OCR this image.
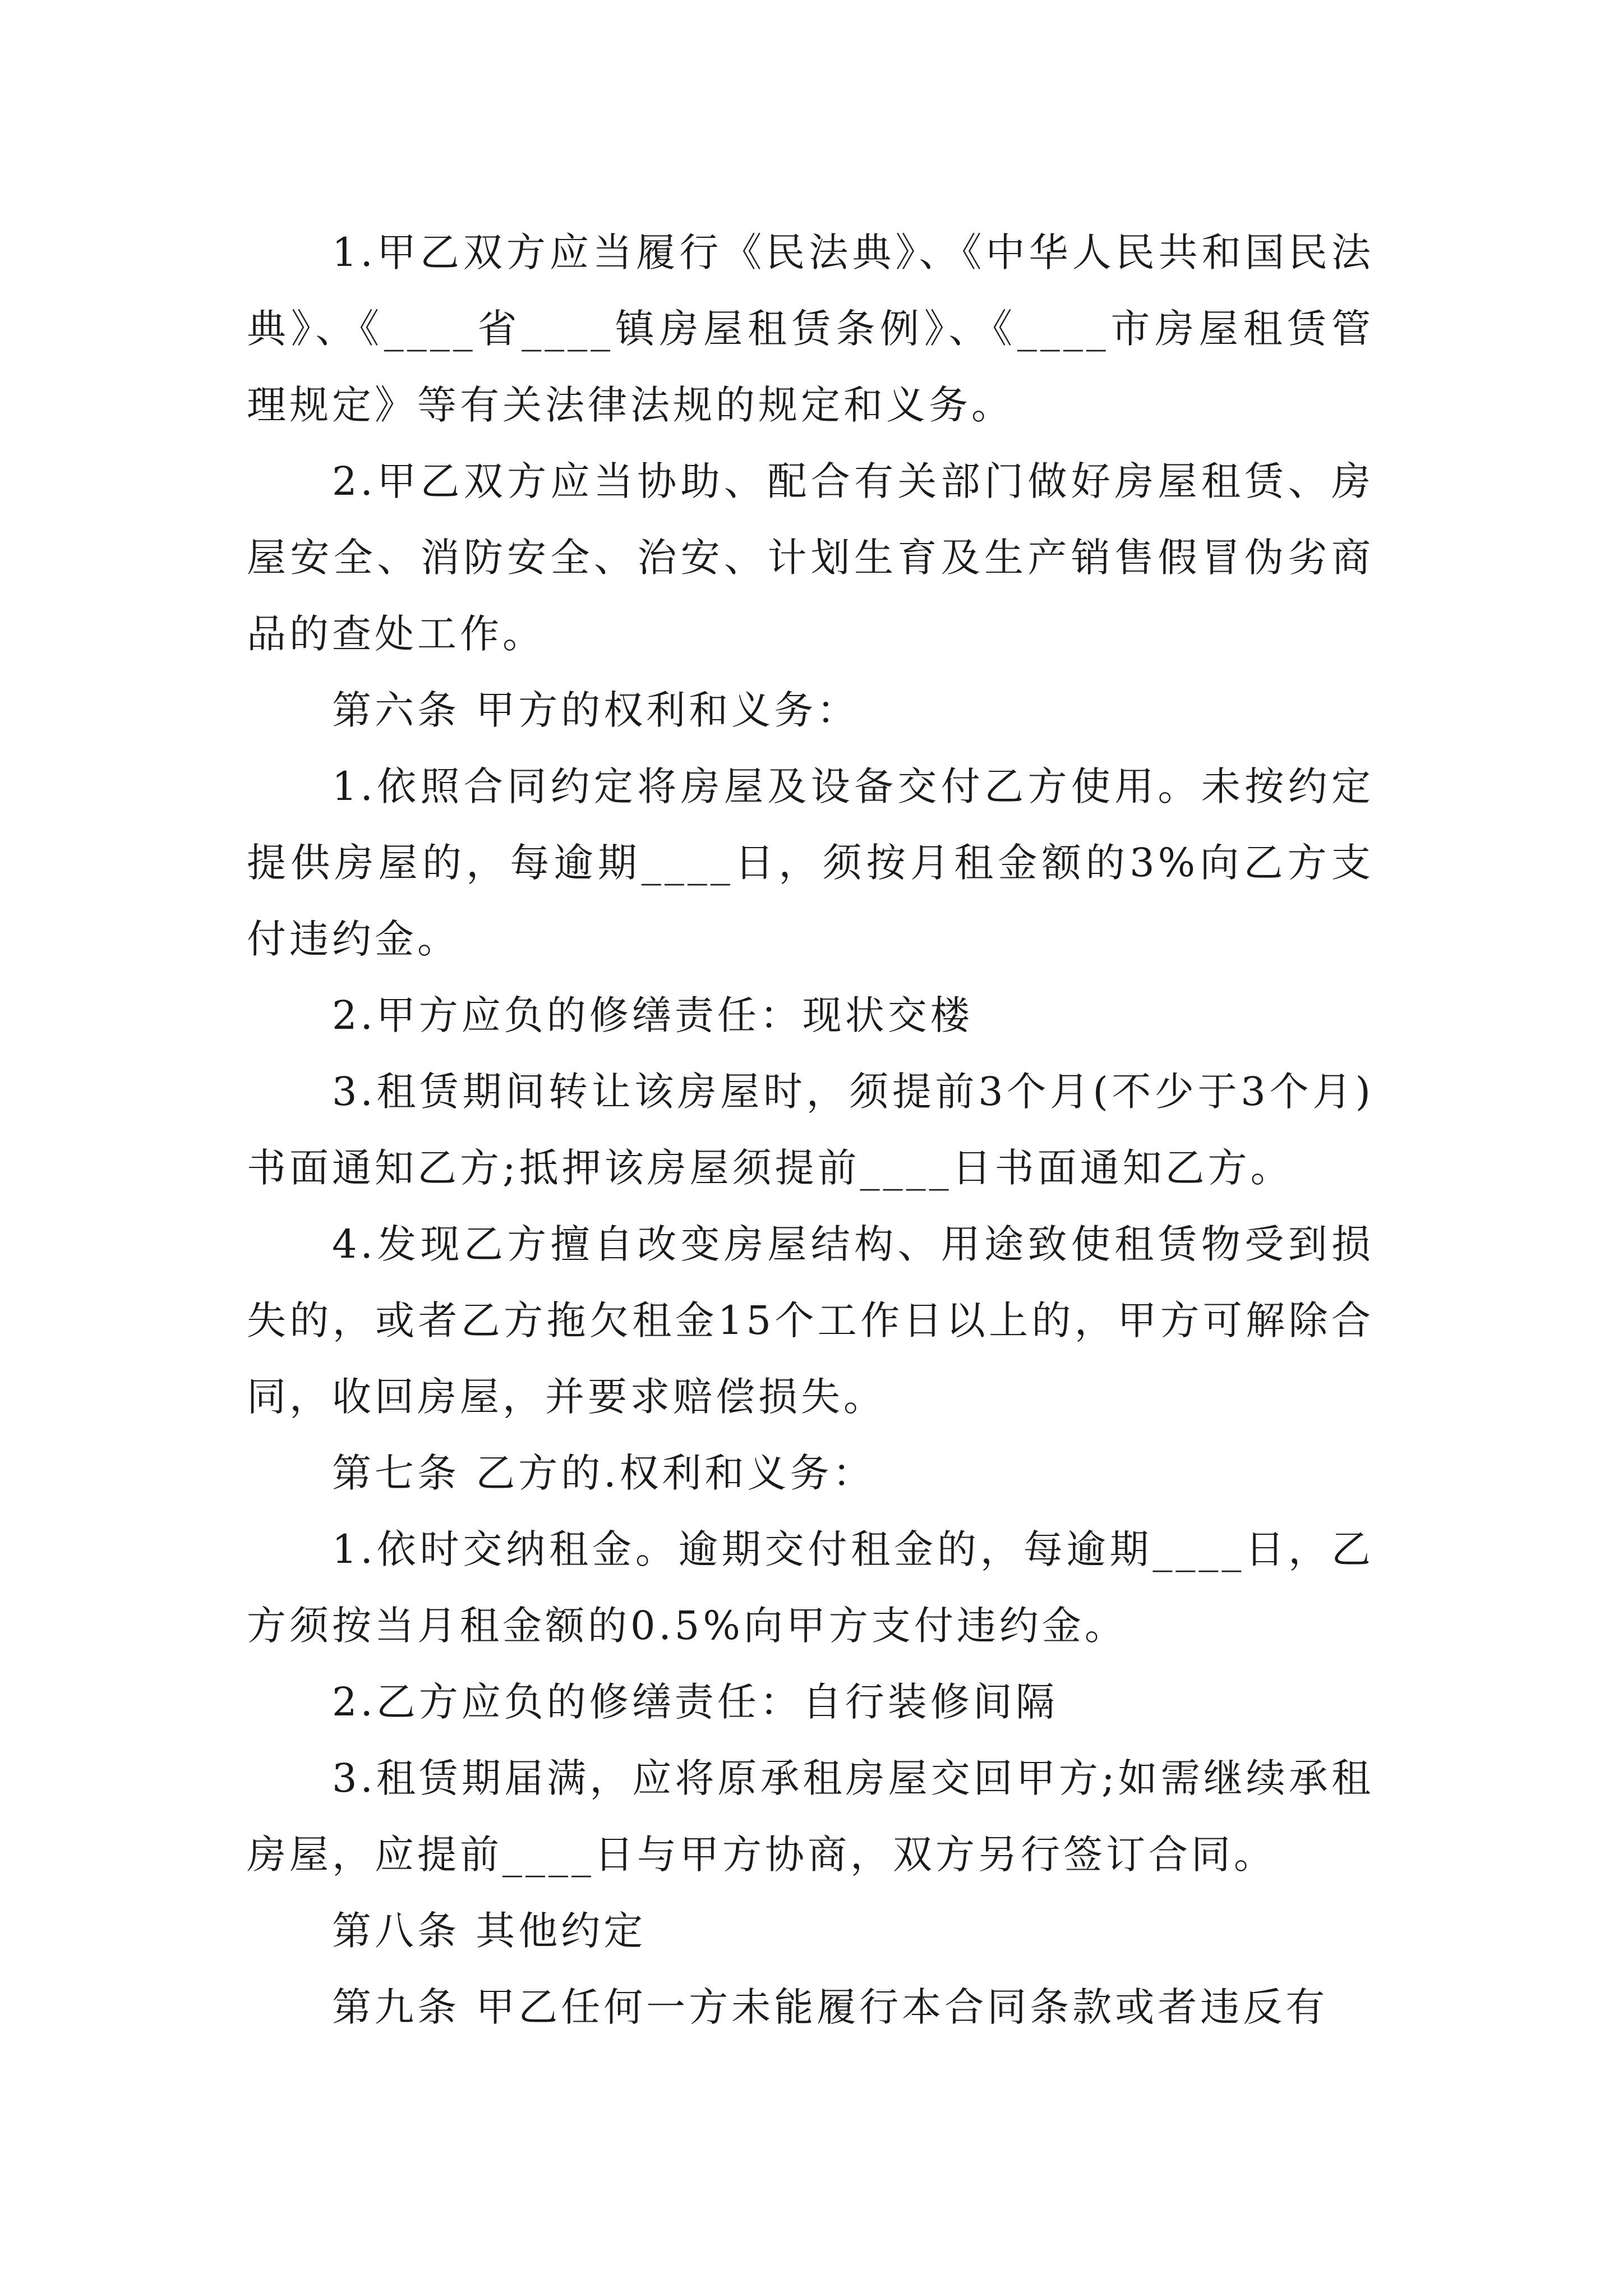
1.甲乙双方应当履行《民法典》、《中华人民共和国民法典》、《____省____镇房屋租赁条例》、《____市房屋租赁管理规定》等有关法律法规的规定和义务。

2.甲乙双方应当协助、配合有关部门做好房屋租赁、房屋安全、消防安全、治安、计划生育及生产销售假冒伪劣商品的查处工作。

第六条 甲方的权利和义务：

1.依照合同约定将房屋及设备交付乙方使用。未按约定提供房屋的，每逾期____日，须按月租金额的3%向乙方支付违约金。

2.甲方应负的修缮责任：现状交楼

3.租赁期间转让该房屋时，须提前3个月(不少于3个月)书面通知乙方;抵押该房屋须提前____日书面通知乙方。

4.发现乙方擅自改变房屋结构、用途致使租赁物受到损失的，或者乙方拖欠租金15个工作日以上的，甲方可解除合同，收回房屋，并要求赔偿损失。

第七条 乙方的.权利和义务：

1.依时交纳租金。逾期交付租金的，每逾期____日，乙方须按当月租金额的0.5%向甲方支付违约金。

2.乙方应负的修缮责任：自行装修间隔

3.租赁期届满，应将原承租房屋交回甲方;如需继续承租房屋，应提前____日与甲方协商，双方另行签订合同。

第八条 其他约定

第九条 甲乙任何一方未能履行本合同条款或者违反有
